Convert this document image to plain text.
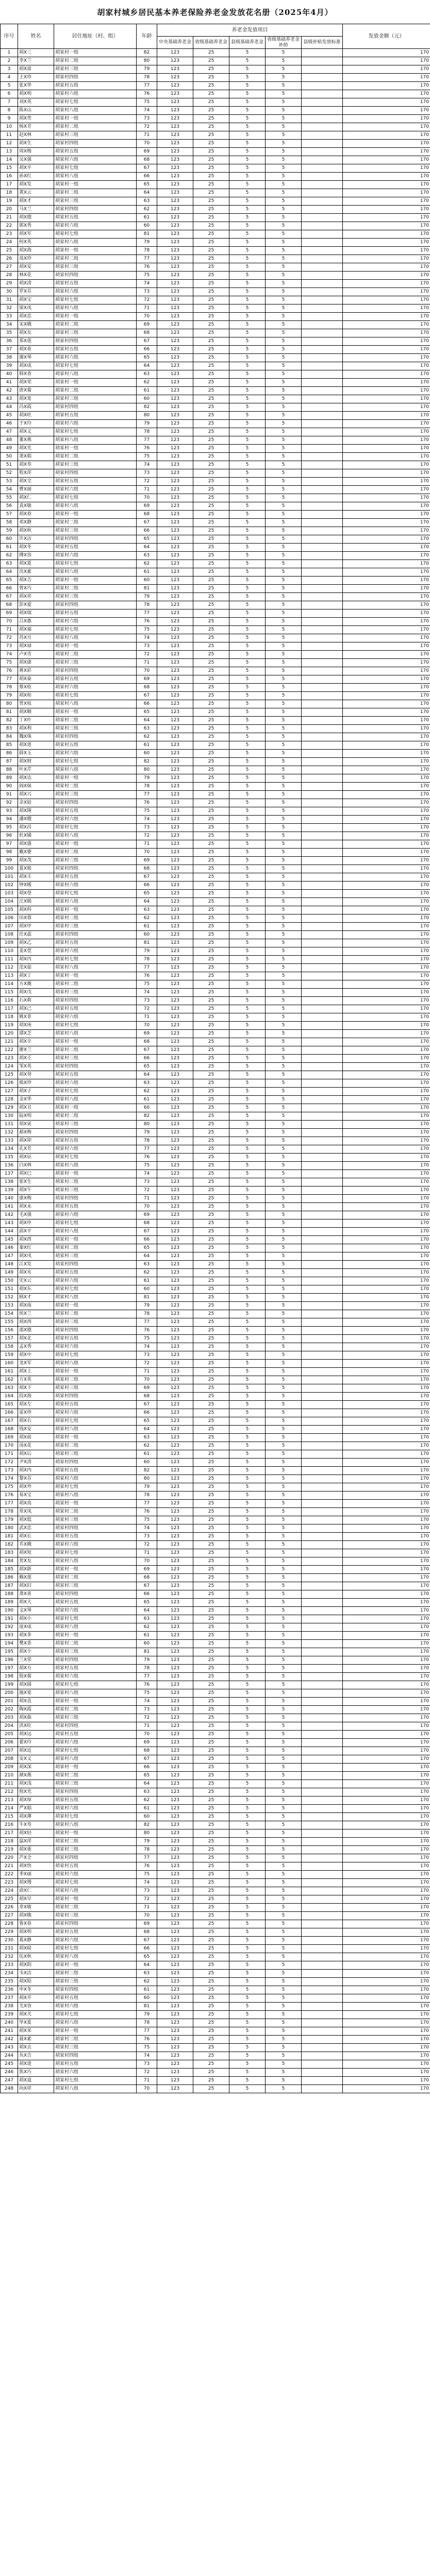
胡家村城乡居民基本养老保险养老金发放花名册（2025年4月）
序号	姓名	居住地址（村、组）	年龄	养老金发放项目					发放金额（元）
				中央基础养老金	省级基础养老金	县级基础养老金	省级基础养老金补助	县级补贴发放标准	
1	胡X三	胡家村一组	82	123	25	5	5		170
2	李X兰	胡家村二组	80	123	25	5	5		170
3	胡X富	胡家村三组	79	123	25	5	5		170
4	王X珍	胡家村四组	78	123	25	5	5		170
5	张X华	胡家村五组	77	123	25	5	5		170
6	胡X明	胡家村六组	76	123	25	5	5		170
7	刘X英	胡家村七组	75	123	25	5	5		170
8	陈X山	胡家村八组	74	123	25	5	5		170
9	胡X贵	胡家村一组	73	123	25	5	5		170
10	杨X芳	胡家村二组	72	123	25	5	5		170
11	赵X林	胡家村三组	71	123	25	5	5		170
12	胡X生	胡家村四组	70	123	25	5	5		170
13	周X梅	胡家村五组	69	123	25	5	5		170
14	吴X强	胡家村六组	68	123	25	5	5		170
15	胡X平	胡家村七组	67	123	25	5	5		170
16	孙X红	胡家村八组	66	123	25	5	5		170
17	胡X发	胡家村一组	65	123	25	5	5		170
18	黄X云	胡家村二组	64	123	25	5	5		170
19	胡X才	胡家村三组	63	123	25	5	5		170
20	马X兰	胡家村四组	62	123	25	5	5		170
21	胡X德	胡家村五组	61	123	25	5	5		170
22	郭X秀	胡家村六组	60	123	25	5	5		170
23	胡X军	胡家村七组	81	123	25	5	5		170
24	何X英	胡家村八组	79	123	25	5	5		170
25	胡X海	胡家村一组	78	123	25	5	5		170
26	高X珍	胡家村二组	77	123	25	5	5		170
27	胡X安	胡家村三组	76	123	25	5	5		170
28	林X花	胡家村四组	75	123	25	5	5		170
29	胡X清	胡家村五组	74	123	25	5	5		170
30	罗X芬	胡家村六组	73	123	25	5	5		170
31	胡X宝	胡家村七组	72	123	25	5	5		170
32	梁X凤	胡家村八组	71	123	25	5	5		170
33	胡X忠	胡家村一组	70	123	25	5	5		170
34	宋X娥	胡家村二组	69	123	25	5	5		170
35	胡X友	胡家村三组	68	123	25	5	5		170
36	郑X莲	胡家村四组	67	123	25	5	5		170
37	胡X喜	胡家村五组	66	123	25	5	5		170
38	谢X琴	胡家村六组	65	123	25	5	5		170
39	胡X成	胡家村七组	64	123	25	5	5		170
40	韩X香	胡家村八组	63	123	25	5	5		170
41	胡X荣	胡家村一组	62	123	25	5	5		170
42	唐X菊	胡家村二组	61	123	25	5	5		170
43	胡X宽	胡家村三组	60	123	25	5	5		170
44	冯X霞	胡家村四组	82	123	25	5	5		170
45	胡X旺	胡家村五组	80	123	25	5	5		170
46	于X玲	胡家村六组	79	123	25	5	5		170
47	胡X义	胡家村七组	78	123	25	5	5		170
48	董X燕	胡家村八组	77	123	25	5	5		170
49	胡X光	胡家村一组	76	123	25	5	5		170
50	萧X娟	胡家村二组	75	123	25	5	5		170
51	胡X寿	胡家村三组	74	123	25	5	5		170
52	程X萍	胡家村四组	73	123	25	5	5		170
53	胡X全	胡家村五组	72	123	25	5	5		170
54	曹X丽	胡家村六组	71	123	25	5	5		170
55	胡X仁	胡家村七组	70	123	25	5	5		170
56	袁X敏	胡家村八组	69	123	25	5	5		170
57	胡X春	胡家村一组	68	123	25	5	5		170
58	邓X静	胡家村二组	67	123	25	5	5		170
59	胡X秋	胡家村三组	66	123	25	5	5		170
60	许X洁	胡家村四组	65	123	25	5	5		170
61	胡X冬	胡家村五组	64	123	25	5	5		170
62	傅X容	胡家村六组	63	123	25	5	5		170
63	胡X夏	胡家村七组	62	123	25	5	5		170
64	沈X素	胡家村八组	61	123	25	5	5		170
65	胡X吉	胡家村一组	60	123	25	5	5		170
66	曾X巧	胡家村二组	81	123	25	5	5		170
67	胡X祥	胡家村三组	79	123	25	5	5		170
68	彭X爱	胡家村四组	78	123	25	5	5		170
69	胡X瑞	胡家村五组	77	123	25	5	5		170
70	吕X惠	胡家村六组	76	123	25	5	5		170
71	胡X福	胡家村七组	75	123	25	5	5		170
72	苏X月	胡家村八组	74	123	25	5	5		170
73	胡X禄	胡家村一组	73	123	25	5	5		170
74	卢X雪	胡家村二组	72	123	25	5	5		170
75	胡X康	胡家村三组	71	123	25	5	5		170
76	蒋X彩	胡家村四组	70	123	25	5	5		170
77	胡X泰	胡家村五组	69	123	25	5	5		170
78	蔡X桂	胡家村六组	68	123	25	5	5		170
79	胡X和	胡家村七组	67	123	25	5	5		170
80	贾X枝	胡家村八组	66	123	25	5	5		170
81	胡X顺	胡家村一组	65	123	25	5	5		170
82	丁X叶	胡家村二组	64	123	25	5	5		170
83	胡X利	胡家村三组	63	123	25	5	5		170
84	魏X珠	胡家村四组	62	123	25	5	5		170
85	胡X进	胡家村五组	61	123	25	5	5		170
86	薛X玉	胡家村六组	60	123	25	5	5		170
87	胡X财	胡家村七组	82	123	25	5	5		170
88	叶X芹	胡家村八组	80	123	25	5	5		170
89	胡X达	胡家村一组	79	123	25	5	5		170
90	阎X妹	胡家村二组	78	123	25	5	5		170
91	胡X兴	胡家村三组	77	123	25	5	5		170
92	余X姑	胡家村四组	76	123	25	5	5		170
93	胡X隆	胡家村五组	75	123	25	5	5		170
94	潘X嫂	胡家村六组	74	123	25	5	5		170
95	胡X昌	胡家村七组	73	123	25	5	5		170
96	杜X娣	胡家村八组	72	123	25	5	5		170
97	胡X盛	胡家村一组	71	123	25	5	5		170
98	戴X婆	胡家村二组	70	123	25	5	5		170
99	胡X茂	胡家村三组	69	123	25	5	5		170
100	夏X姐	胡家村四组	68	123	25	5	5		170
101	胡X丰	胡家村五组	67	123	25	5	5		170
102	钟X媛	胡家村六组	66	123	25	5	5		170
103	胡X登	胡家村七组	65	123	25	5	5		170
104	汪X嫣	胡家村八组	64	123	25	5	5		170
105	胡X科	胡家村一组	63	123	25	5	5		170
106	田X蓉	胡家村二组	62	123	25	5	5		170
107	胡X甲	胡家村三组	61	123	25	5	5		170
108	任X蕊	胡家村四组	60	123	25	5	5		170
109	胡X乙	胡家村五组	81	123	25	5	5		170
110	姜X萱	胡家村六组	79	123	25	5	5		170
111	胡X丙	胡家村七组	78	123	25	5	5		170
112	范X茹	胡家村八组	77	123	25	5	5		170
113	胡X丁	胡家村一组	76	123	25	5	5		170
114	方X薇	胡家村二组	75	123	25	5	5		170
115	胡X戊	胡家村三组	74	123	25	5	5		170
116	石X莉	胡家村四组	73	123	25	5	5		170
117	胡X己	胡家村五组	72	123	25	5	5		170
118	姚X菲	胡家村六组	71	123	25	5	5		170
119	胡X庚	胡家村七组	70	123	25	5	5		170
120	谭X芝	胡家村八组	69	123	25	5	5		170
121	胡X辛	胡家村一组	68	123	25	5	5		170
122	廖X兰	胡家村二组	67	123	25	5	5		170
123	胡X壬	胡家村三组	66	123	25	5	5		170
124	邹X英	胡家村四组	65	123	25	5	5		170
125	胡X癸	胡家村五组	64	123	25	5	5		170
126	熊X珍	胡家村六组	63	123	25	5	5		170
127	胡X子	胡家村七组	62	123	25	5	5		170
128	金X华	胡家村八组	61	123	25	5	5		170
129	胡X丑	胡家村一组	60	123	25	5	5		170
130	陆X明	胡家村二组	82	123	25	5	5		170
131	胡X寅	胡家村三组	80	123	25	5	5		170
132	郝X梅	胡家村四组	79	123	25	5	5		170
133	胡X卯	胡家村五组	78	123	25	5	5		170
134	孔X芳	胡家村六组	77	123	25	5	5		170
135	胡X辰	胡家村七组	76	123	25	5	5		170
136	白X林	胡家村八组	75	123	25	5	5		170
137	胡X巳	胡家村一组	74	123	25	5	5		170
138	崔X生	胡家村二组	73	123	25	5	5		170
139	胡X午	胡家村三组	72	123	25	5	5		170
140	康X梅	胡家村四组	71	123	25	5	5		170
141	胡X未	胡家村五组	70	123	25	5	5		170
142	毛X强	胡家村六组	69	123	25	5	5		170
143	胡X申	胡家村七组	68	123	25	5	5		170
144	邱X平	胡家村八组	67	123	25	5	5		170
145	胡X酉	胡家村一组	66	123	25	5	5		170
146	秦X红	胡家村二组	65	123	25	5	5		170
147	胡X戌	胡家村三组	64	123	25	5	5		170
148	江X发	胡家村四组	63	123	25	5	5		170
149	胡X亥	胡家村五组	62	123	25	5	5		170
150	史X云	胡家村六组	61	123	25	5	5		170
151	胡X东	胡家村七组	60	123	25	5	5		170
152	顾X才	胡家村八组	81	123	25	5	5		170
153	胡X南	胡家村一组	79	123	25	5	5		170
154	侯X兰	胡家村二组	78	123	25	5	5		170
155	胡X西	胡家村三组	77	123	25	5	5		170
156	邵X德	胡家村四组	76	123	25	5	5		170
157	胡X北	胡家村五组	75	123	25	5	5		170
158	孟X秀	胡家村六组	74	123	25	5	5		170
159	胡X中	胡家村七组	73	123	25	5	5		170
160	龙X军	胡家村八组	72	123	25	5	5		170
161	胡X上	胡家村一组	71	123	25	5	5		170
162	万X英	胡家村二组	70	123	25	5	5		170
163	胡X下	胡家村三组	69	123	25	5	5		170
164	段X海	胡家村四组	68	123	25	5	5		170
165	胡X左	胡家村五组	67	123	25	5	5		170
166	雷X珍	胡家村六组	66	123	25	5	5		170
167	胡X右	胡家村七组	65	123	25	5	5		170
168	钱X安	胡家村八组	64	123	25	5	5		170
169	胡X前	胡家村一组	63	123	25	5	5		170
170	汤X花	胡家村二组	62	123	25	5	5		170
171	胡X后	胡家村三组	61	123	25	5	5		170
172	尹X清	胡家村四组	60	123	25	5	5		170
173	胡X内	胡家村五组	82	123	25	5	5		170
174	黎X芬	胡家村六组	80	123	25	5	5		170
175	胡X外	胡家村七组	79	123	25	5	5		170
176	易X宝	胡家村八组	78	123	25	5	5		170
177	胡X高	胡家村一组	77	123	25	5	5		170
178	常X凤	胡家村二组	76	123	25	5	5		170
179	胡X低	胡家村三组	75	123	25	5	5		170
180	武X忠	胡家村四组	74	123	25	5	5		170
181	胡X长	胡家村五组	73	123	25	5	5		170
182	乔X娥	胡家村六组	72	123	25	5	5		170
183	胡X短	胡家村七组	71	123	25	5	5		170
184	贺X友	胡家村八组	70	123	25	5	5		170
185	胡X新	胡家村一组	69	123	25	5	5		170
186	赖X莲	胡家村二组	68	123	25	5	5		170
187	胡X旧	胡家村三组	67	123	25	5	5		170
188	龚X喜	胡家村四组	66	123	25	5	5		170
189	胡X大	胡家村五组	65	123	25	5	5		170
190	文X琴	胡家村六组	64	123	25	5	5		170
191	胡X小	胡家村七组	63	123	25	5	5		170
192	庞X成	胡家村八组	62	123	25	5	5		170
193	胡X多	胡家村一组	61	123	25	5	5		170
194	樊X香	胡家村二组	60	123	25	5	5		170
195	胡X少	胡家村三组	81	123	25	5	5		170
196	兰X荣	胡家村四组	79	123	25	5	5		170
197	胡X方	胡家村五组	78	123	25	5	5		170
198	殷X菊	胡家村六组	77	123	25	5	5		170
199	胡X圆	胡家村七组	76	123	25	5	5		170
200	施X宽	胡家村八组	75	123	25	5	5		170
201	胡X直	胡家村一组	74	123	25	5	5		170
202	陶X霞	胡家村二组	73	123	25	5	5		170
203	胡X曲	胡家村三组	72	123	25	5	5		170
204	洪X旺	胡家村四组	71	123	25	5	5		170
205	胡X远	胡家村五组	70	123	25	5	5		170
206	翟X玲	胡家村六组	69	123	25	5	5		170
207	胡X近	胡家村七组	68	123	25	5	5		170
208	安X义	胡家村八组	67	123	25	5	5		170
209	胡X深	胡家村一组	66	123	25	5	5		170
210	颜X燕	胡家村二组	65	123	25	5	5		170
211	胡X浅	胡家村三组	64	123	25	5	5		170
212	倪X光	胡家村四组	63	123	25	5	5		170
213	胡X厚	胡家村五组	62	123	25	5	5		170
214	严X娟	胡家村六组	61	123	25	5	5		170
215	胡X薄	胡家村七组	60	123	25	5	5		170
216	牛X寿	胡家村八组	82	123	25	5	5		170
217	胡X轻	胡家村一组	80	123	25	5	5		170
218	温X萍	胡家村二组	79	123	25	5	5		170
219	胡X重	胡家村三组	78	123	25	5	5		170
220	芦X全	胡家村四组	77	123	25	5	5		170
221	胡X快	胡家村五组	76	123	25	5	5		170
222	季X丽	胡家村六组	75	123	25	5	5		170
223	胡X慢	胡家村七组	74	123	25	5	5		170
224	俞X仁	胡家村八组	73	123	25	5	5		170
225	胡X早	胡家村一组	72	123	25	5	5		170
226	章X敏	胡家村二组	71	123	25	5	5		170
227	胡X晚	胡家村三组	70	123	25	5	5		170
228	鲁X春	胡家村四组	69	123	25	5	5		170
229	胡X明	胡家村五组	68	123	25	5	5		170
230	葛X静	胡家村六组	67	123	25	5	5		170
231	胡X暗	胡家村七组	66	123	25	5	5		170
232	伍X秋	胡家村八组	65	123	25	5	5		170
233	胡X阴	胡家村一组	64	123	25	5	5		170
234	韦X洁	胡家村二组	63	123	25	5	5		170
235	胡X阳	胡家村三组	62	123	25	5	5		170
236	申X冬	胡家村四组	61	123	25	5	5		170
237	胡X开	胡家村五组	60	123	25	5	5		170
238	尤X容	胡家村六组	81	123	25	5	5		170
239	胡X关	胡家村七组	79	123	25	5	5		170
240	毕X夏	胡家村八组	78	123	25	5	5		170
241	胡X来	胡家村一组	77	123	25	5	5		170
242	聂X素	胡家村二组	76	123	25	5	5		170
243	胡X去	胡家村三组	75	123	25	5	5		170
244	丛X吉	胡家村四组	74	123	25	5	5		170
245	胡X进	胡家村五组	73	123	25	5	5		170
246	焦X巧	胡家村六组	72	123	25	5	5		170
247	胡X退	胡家村七组	71	123	25	5	5		170
248	向X祥	胡家村八组	70	123	25	5	5		170
